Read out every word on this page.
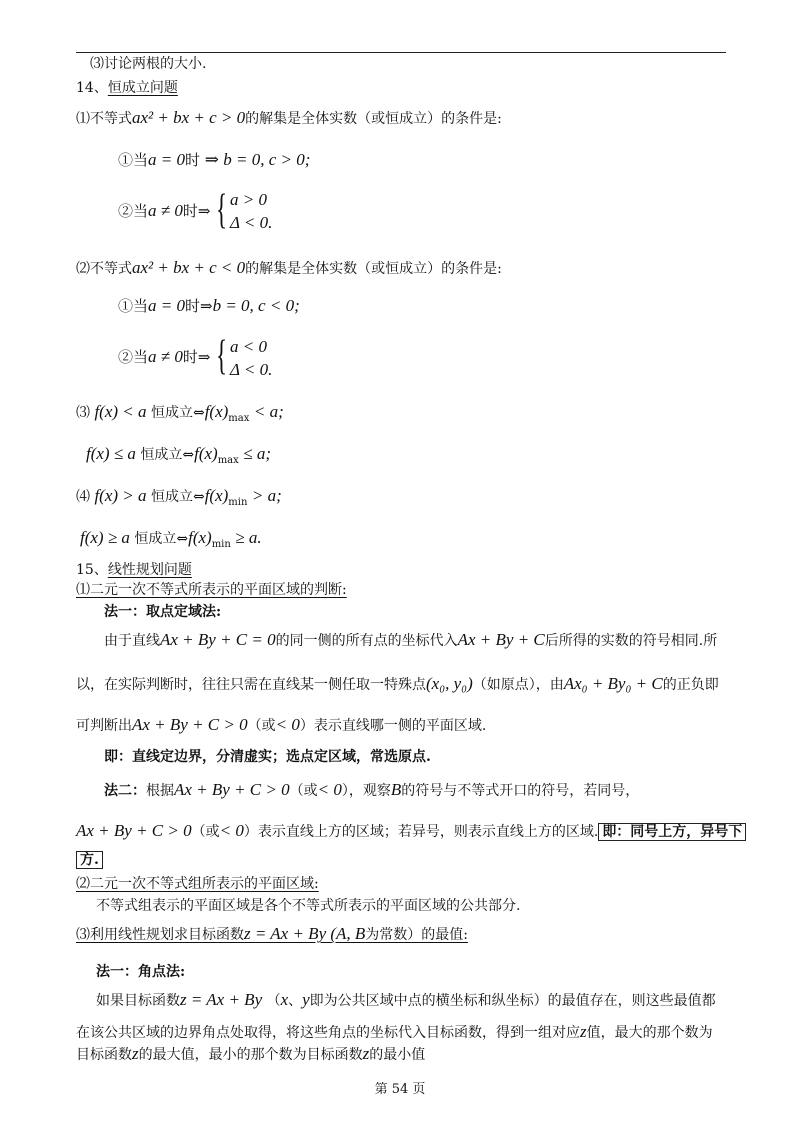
⑶讨论两根的大小.
14、恒成立问题
⑴不等式ax² + bx + c > 0的解集是全体实数（或恒成立）的条件是:
①当a = 0时 ⇒ b = 0, c > 0;
②当a ≠ 0时⇒ { a > 0
Δ < 0.
⑵不等式ax² + bx + c < 0的解集是全体实数（或恒成立）的条件是:
①当a = 0时⇒b = 0, c < 0;
②当a ≠ 0时⇒ { a < 0
Δ < 0.
⑶ f(x) < a 恒成立$\Leftrightarrow f(x)_{max} < a$;
f(x) ≤ a 恒成立$\Leftrightarrow f(x)_{max} \le a$;
⑷ f(x) > a 恒成立$\Leftrightarrow f(x)_{min} > a$;
f(x) ≥ a 恒成立$\Leftrightarrow f(x)_{min} \ge a$.
15、线性规划问题
⑴二元一次不等式所表示的平面区域的判断:
法一：取点定域法:
由于直线Ax + By + C = 0的同一侧的所有点的坐标代入Ax + By + C后所得的实数的符号相同.所
以，在实际判断时，往往只需在直线某一侧任取一特殊点(x₀, y₀)（如原点），由Ax₀ + By₀ + C的正负即
可判断出Ax + By + C > 0（或< 0）表示直线哪一侧的平面区域.
即：直线定边界，分清虚实；选点定区域，常选原点.
法二：根据Ax + By + C > 0（或< 0），观察B的符号与不等式开口的符号，若同号，
Ax + By + C > 0（或< 0）表示直线上方的区域；若异号，则表示直线上方的区域. 即：同号上方，异号下
方.
⑵二元一次不等式组所表示的平面区域:
不等式组表示的平面区域是各个不等式所表示的平面区域的公共部分.
⑶利用线性规划求目标函数z = Ax + By (A, B为常数）的最值:
法一：角点法:
如果目标函数z = Ax + By （x、y即为公共区域中点的横坐标和纵坐标）的最值存在，则这些最值都
在该公共区域的边界角点处取得，将这些角点的坐标代入目标函数，得到一组对应z值，最大的那个数为
目标函数z的最大值，最小的那个数为目标函数z的最小值
第 54 页
